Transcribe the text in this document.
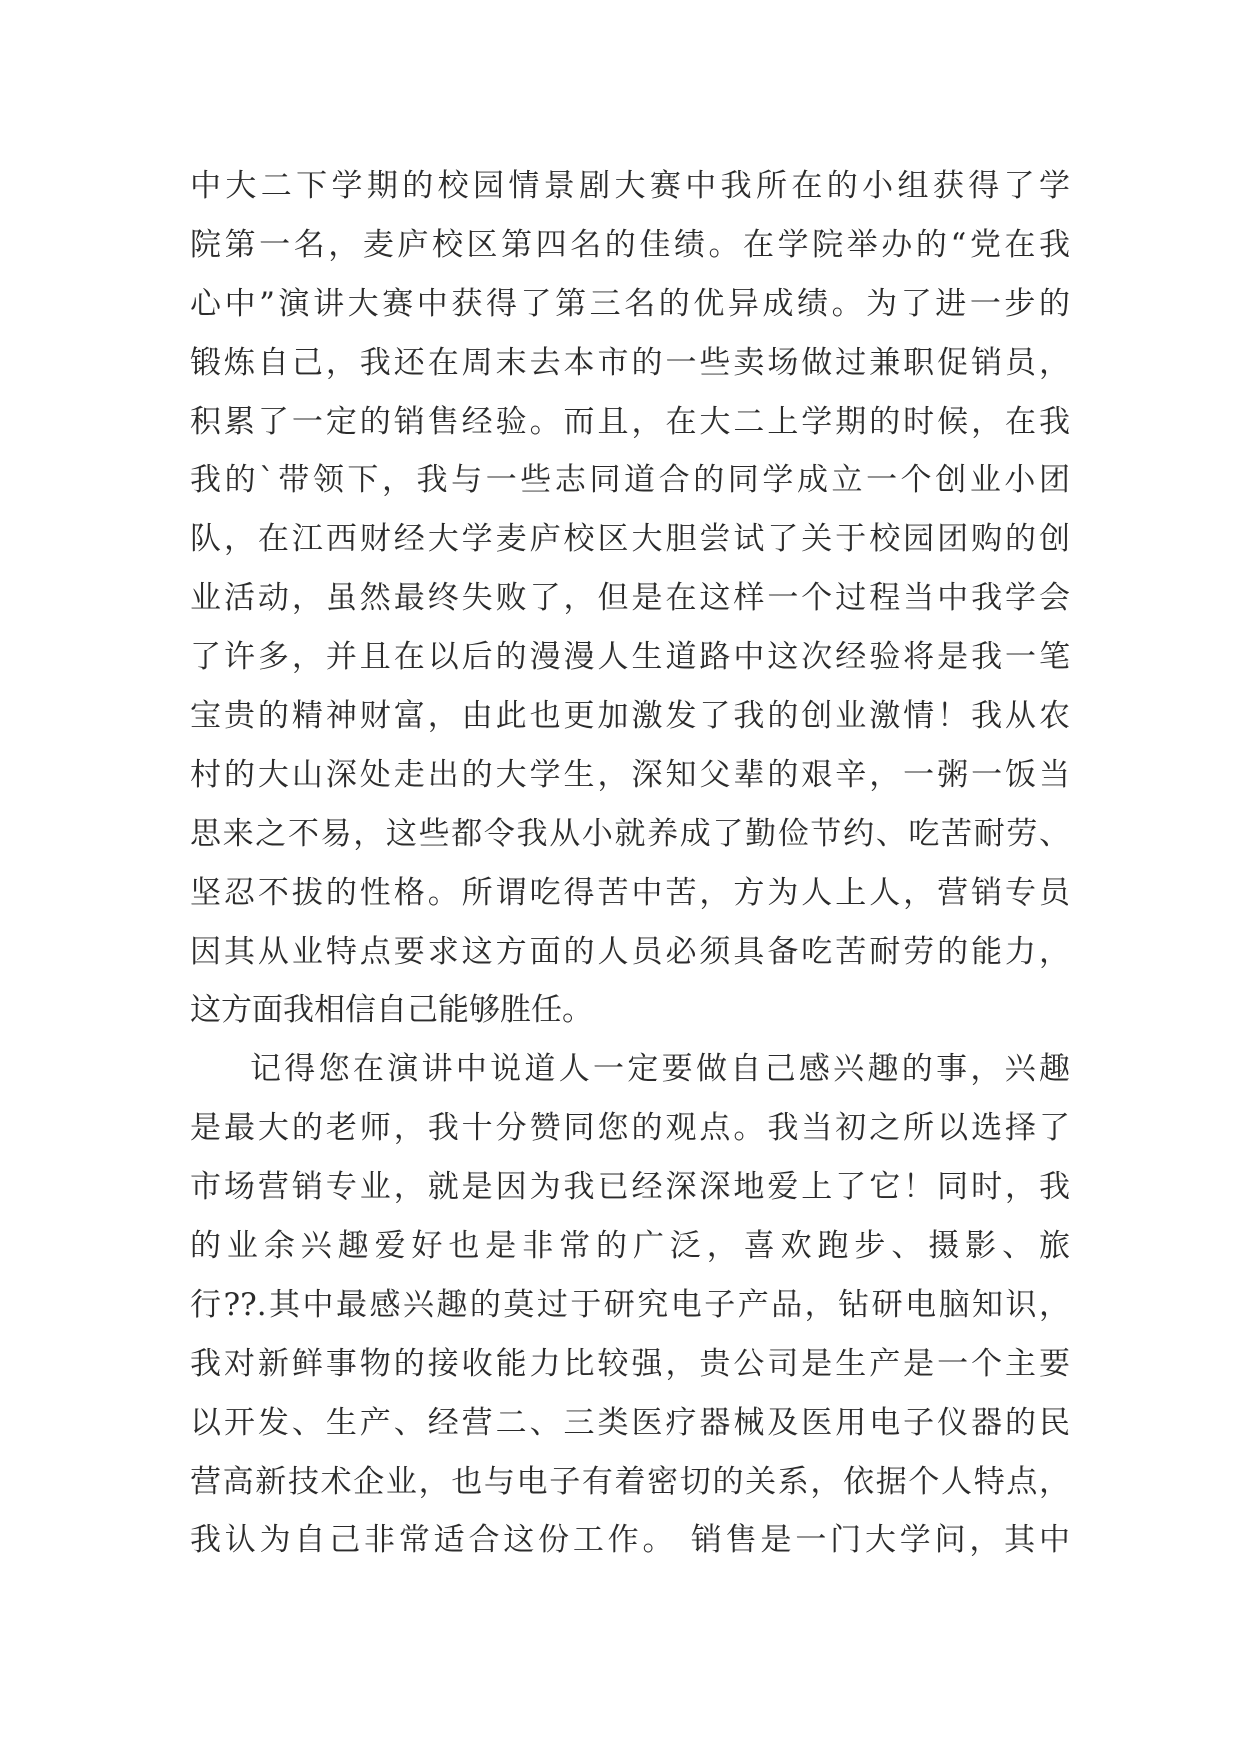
中大二下学期的校园情景剧大赛中我所在的小组获得了学
院第一名，麦庐校区第四名的佳绩。在学院举办的“党在我
心中”演讲大赛中获得了第三名的优异成绩。为了进一步的
锻炼自己，我还在周末去本市的一些卖场做过兼职促销员，
积累了一定的销售经验。而且，在大二上学期的时候，在我
我的`带领下，我与一些志同道合的同学成立一个创业小团
队，在江西财经大学麦庐校区大胆尝试了关于校园团购的创
业活动，虽然最终失败了，但是在这样一个过程当中我学会
了许多，并且在以后的漫漫人生道路中这次经验将是我一笔
宝贵的精神财富，由此也更加激发了我的创业激情！我从农
村的大山深处走出的大学生，深知父辈的艰辛，一粥一饭当
思来之不易，这些都令我从小就养成了勤俭节约、吃苦耐劳、
坚忍不拔的性格。所谓吃得苦中苦，方为人上人，营销专员
因其从业特点要求这方面的人员必须具备吃苦耐劳的能力，
这方面我相信自己能够胜任。
记得您在演讲中说道人一定要做自己感兴趣的事，兴趣
是最大的老师，我十分赞同您的观点。我当初之所以选择了
市场营销专业，就是因为我已经深深地爱上了它！同时，我
的业余兴趣爱好也是非常的广泛，喜欢跑步、摄影、旅
行??.其中最感兴趣的莫过于研究电子产品，钻研电脑知识，
我对新鲜事物的接收能力比较强，贵公司是生产是一个主要
以开发、生产、经营二、三类医疗器械及医用电子仪器的民
营高新技术企业，也与电子有着密切的关系，依据个人特点，
我认为自己非常适合这份工作。 销售是一门大学问，其中
